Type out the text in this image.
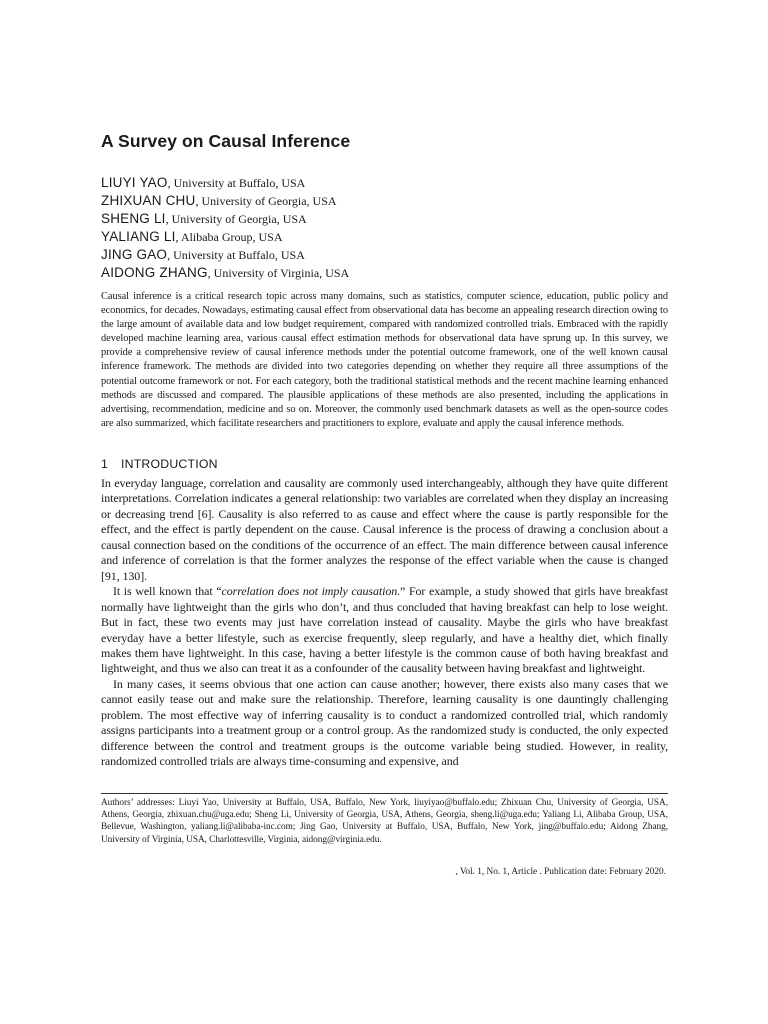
A Survey on Causal Inference
LIUYI YAO, University at Buffalo, USA
ZHIXUAN CHU, University of Georgia, USA
SHENG LI, University of Georgia, USA
YALIANG LI, Alibaba Group, USA
JING GAO, University at Buffalo, USA
AIDONG ZHANG, University of Virginia, USA

Causal inference is a critical research topic across many domains, such as statistics, computer science, education, public policy and economics, for decades. Nowadays, estimating causal effect from observational data has become an appealing research direction owing to the large amount of available data and low budget requirement, compared with randomized controlled trials. Embraced with the rapidly developed machine learning area, various causal effect estimation methods for observational data have sprung up. In this survey, we provide a comprehensive review of causal inference methods under the potential outcome framework, one of the well known causal inference framework. The methods are divided into two categories depending on whether they require all three assumptions of the potential outcome framework or not. For each category, both the traditional statistical methods and the recent machine learning enhanced methods are discussed and compared. The plausible applications of these methods are also presented, including the applications in advertising, recommendation, medicine and so on. Moreover, the commonly used benchmark datasets as well as the open-source codes are also summarized, which facilitate researchers and practitioners to explore, evaluate and apply the causal inference methods.

1 INTRODUCTION

In everyday language, correlation and causality are commonly used interchangeably, although they have quite different interpretations. Correlation indicates a general relationship: two variables are correlated when they display an increasing or decreasing trend [6]. Causality is also referred to as cause and effect where the cause is partly responsible for the effect, and the effect is partly dependent on the cause. Causal inference is the process of drawing a conclusion about a causal connection based on the conditions of the occurrence of an effect. The main difference between causal inference and inference of correlation is that the former analyzes the response of the effect variable when the cause is changed [91, 130].

It is well known that “correlation does not imply causation.” For example, a study showed that girls have breakfast normally have lightweight than the girls who don’t, and thus concluded that having breakfast can help to lose weight. But in fact, these two events may just have correlation instead of causality. Maybe the girls who have breakfast everyday have a better lifestyle, such as exercise frequently, sleep regularly, and have a healthy diet, which finally makes them have lightweight. In this case, having a better lifestyle is the common cause of both having breakfast and lightweight, and thus we also can treat it as a confounder of the causality between having breakfast and lightweight.

In many cases, it seems obvious that one action can cause another; however, there exists also many cases that we cannot easily tease out and make sure the relationship. Therefore, learning causality is one dauntingly challenging problem. The most effective way of inferring causality is to conduct a randomized controlled trial, which randomly assigns participants into a treatment group or a control group. As the randomized study is conducted, the only expected difference between the control and treatment groups is the outcome variable being studied. However, in reality, randomized controlled trials are always time-consuming and expensive, and

Authors’ addresses: Liuyi Yao, University at Buffalo, USA, Buffalo, New York, liuyiyao@buffalo.edu; Zhixuan Chu, University of Georgia, USA, Athens, Georgia, zhixuan.chu@uga.edu; Sheng Li, University of Georgia, USA, Athens, Georgia, sheng.li@uga.edu; Yaliang Li, Alibaba Group, USA, Bellevue, Washington, yaliang.li@alibaba-inc.com; Jing Gao, University at Buffalo, USA, Buffalo, New York, jing@buffalo.edu; Aidong Zhang, University of Virginia, USA, Charlottesville, Virginia, aidong@virginia.edu.

, Vol. 1, No. 1, Article . Publication date: February 2020.
